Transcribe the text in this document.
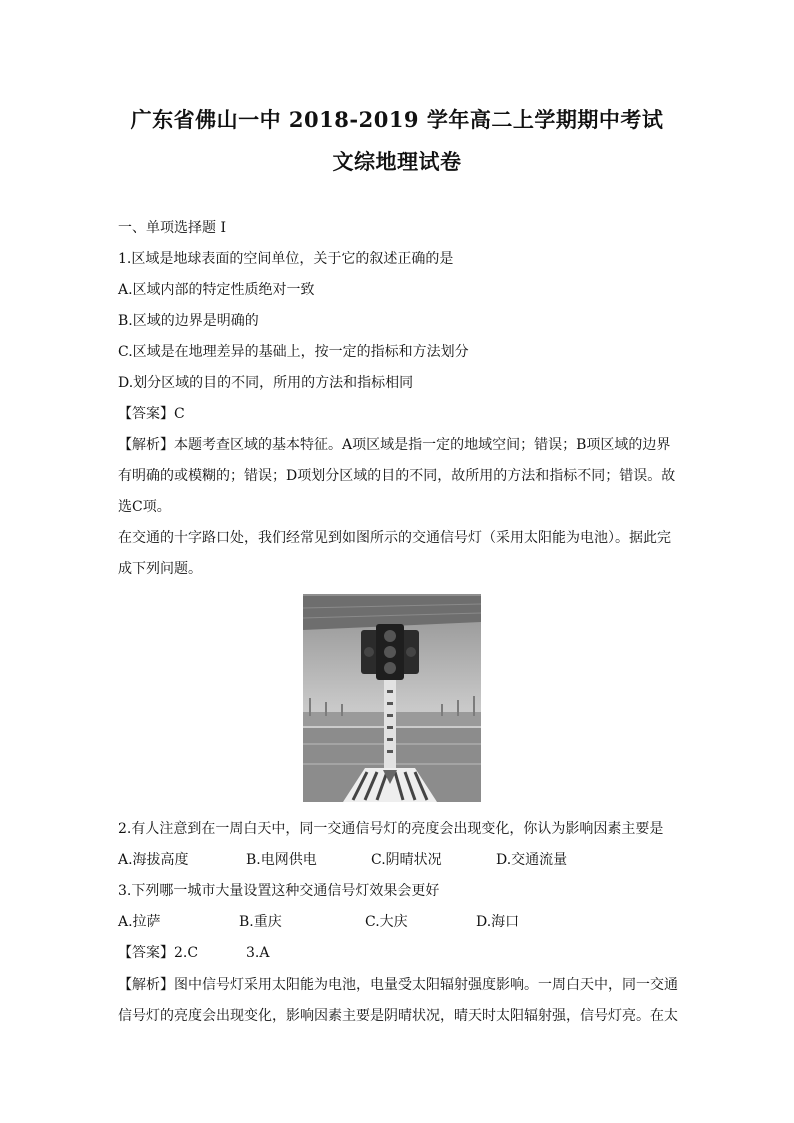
广东省佛山一中 2018-2019 学年高二上学期期中考试
文综地理试卷
一、单项选择题 I
1.区域是地球表面的空间单位，关于它的叙述正确的是
A.区域内部的特定性质绝对一致
B.区域的边界是明确的
C.区域是在地理差异的基础上，按一定的指标和方法划分
D.划分区域的目的不同，所用的方法和指标相同
【答案】C
【解析】本题考查区域的基本特征。A项区域是指一定的地域空间；错误；B项区域的边界有明确的或模糊的；错误；D项划分区域的目的不同，故所用的方法和指标不同；错误。故选C项。
在交通的十字路口处，我们经常见到如图所示的交通信号灯（采用太阳能为电池）。据此完成下列问题。
2.有人注意到在一周白天中，同一交通信号灯的亮度会出现变化，你认为影响因素主要是
A.海拔高度	B.电网供电	C.阴晴状况	D.交通流量
3.下列哪一城市大量设置这种交通信号灯效果会更好
A.拉萨	B.重庆	C.大庆	D.海口
【答案】2.C	3.A
【解析】图中信号灯采用太阳能为电池，电量受太阳辐射强度影响。一周白天中，同一交通信号灯的亮度会出现变化，影响因素主要是阴晴状况，晴天时太阳辐射强，信号灯亮。在太
